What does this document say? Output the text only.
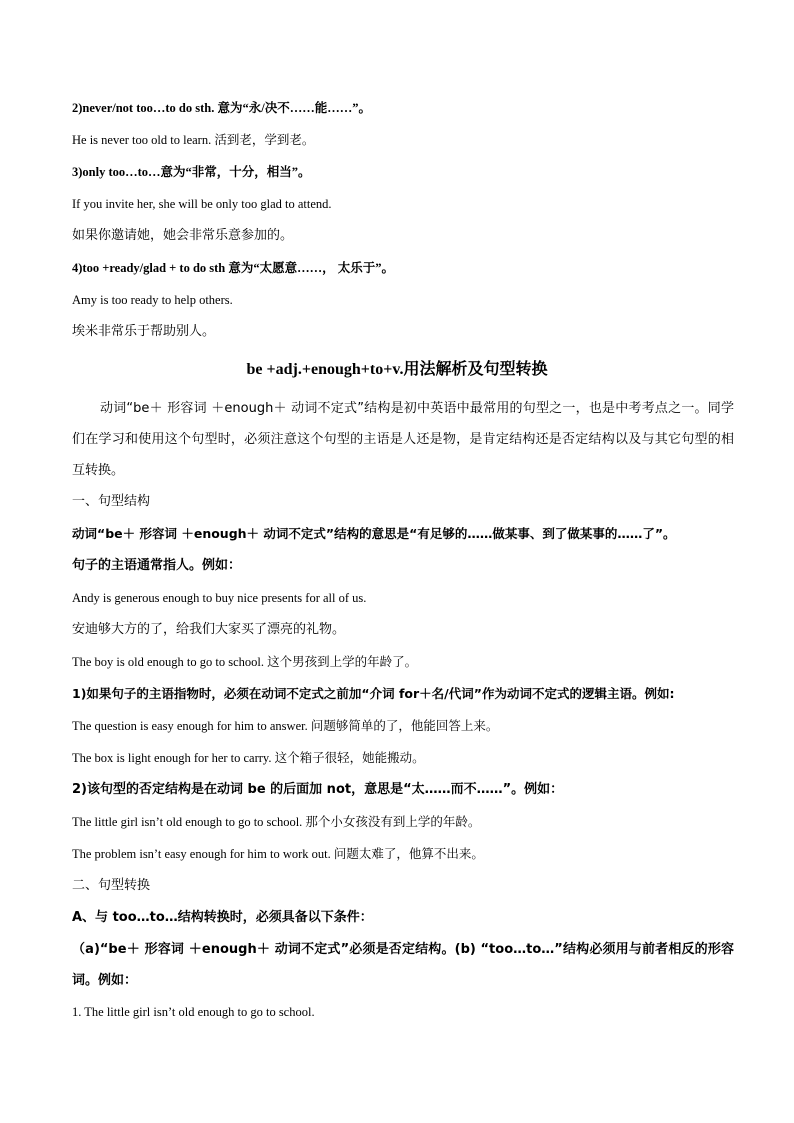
2)never/not too…to do sth. 意为“永/决不……能……”。
He is never too old to learn. 活到老，学到老。
3)only too…to…意为“非常，十分，相当”。
If you invite her, she will be only too glad to attend.
如果你邀请她，她会非常乐意参加的。
4)too +ready/glad + to do sth 意为“太愿意……， 太乐于”。
Amy is too ready to help others.
埃米非常乐于帮助别人。
be +adj.+enough+to+v.用法解析及句型转换
动词“be＋ 形容词 ＋enough＋ 动词不定式”结构是初中英语中最常用的句型之一，也是中考考点之一。同学们在学习和使用这个句型时，必须注意这个句型的主语是人还是物，是肯定结构还是否定结构以及与其它句型的相互转换。
一、句型结构
动词“be＋ 形容词 ＋enough＋ 动词不定式”结构的意思是“有足够的……做某事、到了做某事的……了”。
句子的主语通常指人。例如：
Andy is generous enough to buy nice presents for all of us.
安迪够大方的了，给我们大家买了漂亮的礼物。
The boy is old enough to go to school. 这个男孩到上学的年龄了。
1)如果句子的主语指物时，必须在动词不定式之前加“介词 for＋名/代词”作为动词不定式的逻辑主语。例如:
The question is easy enough for him to answer. 问题够简单的了，他能回答上来。
The box is light enough for her to carry. 这个箱子很轻，她能搬动。
2)该句型的否定结构是在动词 be 的后面加 not，意思是“太……而不……”。例如：
The little girl isn’t old enough to go to school. 那个小女孩没有到上学的年龄。
The problem isn’t easy enough for him to work out. 问题太难了，他算不出来。
二、句型转换
A、与 too…to…结构转换时，必须具备以下条件：
（a)“be＋ 形容词 ＋enough＋ 动词不定式”必须是否定结构。(b) “too…to…”结构必须用与前者相反的形容词。例如：
1. The little girl isn’t old enough to go to school.
